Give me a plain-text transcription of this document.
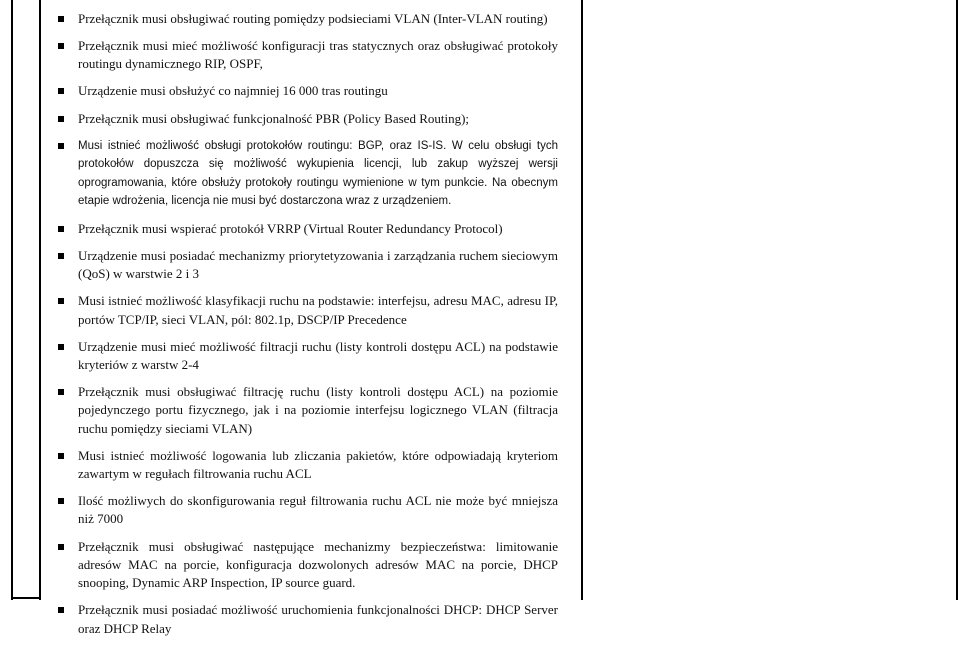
Przełącznik musi obsługiwać routing pomiędzy podsieciami VLAN (Inter-VLAN routing)
Przełącznik musi mieć możliwość konfiguracji tras statycznych oraz obsługiwać protokoły routingu dynamicznego RIP, OSPF,
Urządzenie musi obsłużyć co najmniej 16 000 tras routingu
Przełącznik musi obsługiwać funkcjonalność PBR (Policy Based Routing);
Musi istnieć możliwość obsługi protokołów routingu: BGP, oraz IS-IS. W celu obsługi tych protokołów dopuszcza się możliwość wykupienia licencji, lub zakup wyższej wersji oprogramowania, które obsłuży protokoły routingu wymienione w tym punkcie. Na obecnym etapie wdrożenia, licencja nie musi być dostarczona wraz z urządzeniem.
Przełącznik musi wspierać protokół VRRP (Virtual Router Redundancy Protocol)
Urządzenie musi posiadać mechanizmy priorytetyzowania i zarządzania ruchem sieciowym (QoS) w warstwie 2 i 3
Musi istnieć możliwość klasyfikacji ruchu na podstawie: interfejsu, adresu MAC, adresu IP, portów TCP/IP, sieci VLAN, pól: 802.1p, DSCP/IP Precedence
Urządzenie musi mieć możliwość filtracji ruchu (listy kontroli dostępu ACL) na podstawie kryteriów z warstw 2-4
Przełącznik musi obsługiwać filtrację ruchu (listy kontroli dostępu ACL) na poziomie pojedynczego portu fizycznego, jak i na poziomie interfejsu logicznego VLAN (filtracja ruchu pomiędzy sieciami VLAN)
Musi istnieć możliwość logowania lub zliczania pakietów, które odpowiadają kryteriom zawartym w regułach filtrowania ruchu ACL
Ilość możliwych do skonfigurowania reguł filtrowania ruchu ACL nie może być mniejsza niż 7000
Przełącznik musi obsługiwać następujące mechanizmy bezpieczeństwa: limitowanie adresów MAC na porcie, konfiguracja dozwolonych adresów MAC na porcie, DHCP snooping, Dynamic ARP Inspection, IP source guard.
Przełącznik musi posiadać możliwość uruchomienia funkcjonalności DHCP: DHCP Server oraz DHCP Relay
